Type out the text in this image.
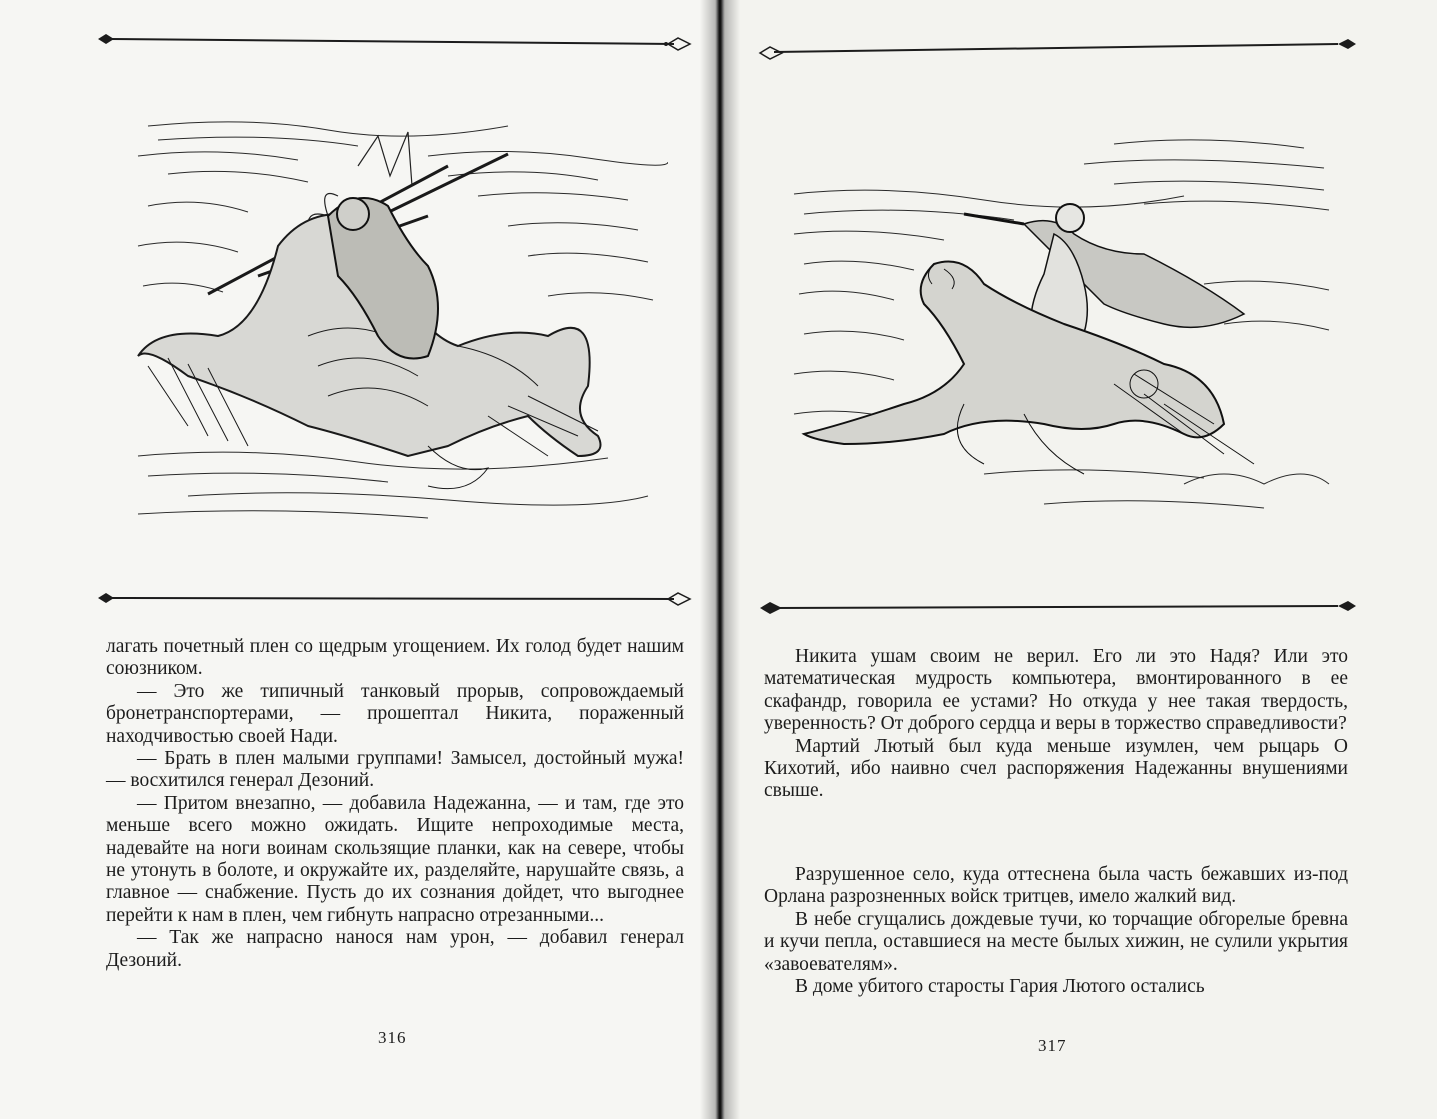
лагать почетный плен со щедрым угощением. Их голод будет нашим союзником.

— Это же типичный танковый прорыв, сопровождаемый бронетранспортерами, — прошептал Никита, пораженный находчивостью своей Нади.

— Брать в плен малыми группами! Замысел, достойный мужа! — восхитился генерал Дезоний.

— Притом внезапно, — добавила Надежанна, — и там, где это меньше всего можно ожидать. Ищите непроходимые места, надевайте на ноги воинам скользящие планки, как на севере, чтобы не утонуть в болоте, и окружайте их, разделяйте, нарушайте связь, а главное — снабжение. Пусть до их сознания дойдет, что выгоднее перейти к нам в плен, чем гибнуть напрасно отрезанными...

— Так же напрасно нанося нам урон, — добавил генерал Дезоний.

316

Никита ушам своим не верил. Его ли это Надя? Или это математическая мудрость компьютера, вмонтированного в ее скафандр, говорила ее устами? Но откуда у нее такая твердость, уверенность? От доброго сердца и веры в торжество справедливости?

Мартий Лютый был куда меньше изумлен, чем рыцарь О Кихотий, ибо наивно счел распоряжения Надежанны внушениями свыше.

Разрушенное село, куда оттеснена была часть бежавших из-под Орлана разрозненных войск тритцев, имело жалкий вид.

В небе сгущались дождевые тучи, ко торчащие обгорелые бревна и кучи пепла, оставшиеся на месте былых хижин, не сулили укрытия «завоевателям».

В доме убитого старосты Гария Лютого остались

317
